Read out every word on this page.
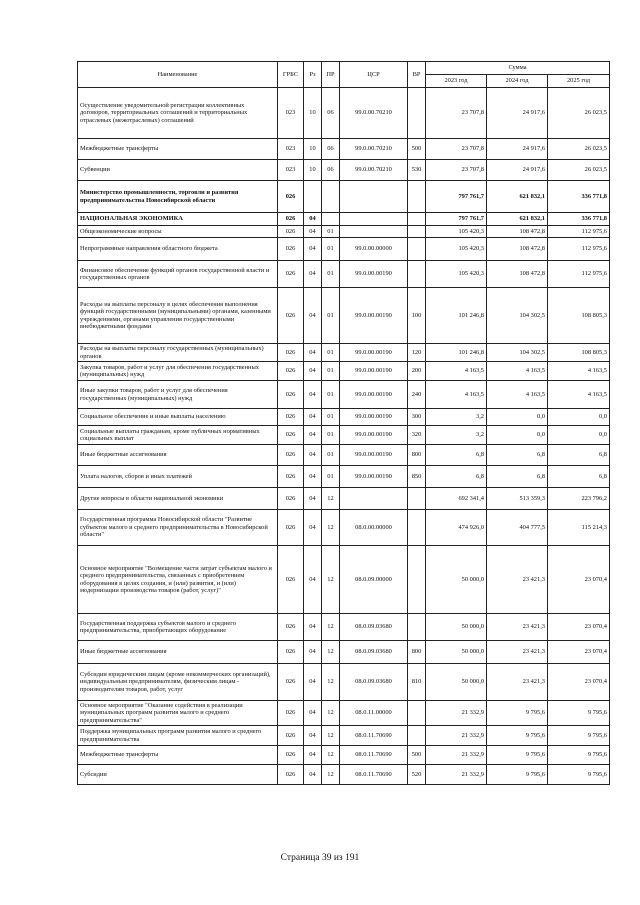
Наименование	ГРБС	Рз	ПР	ЦСР	ВР	Сумма		
						2023 год	2024 год	2025 год
Осуществление уведомительной регистрации коллективных договоров, территориальных соглашений и территориальных отраслевых (межотраслевых) соглашений	023	10	06	99.0.00.70210		23 707,8	24 917,6	26 023,5
Межбюджетные трансферты	023	10	06	99.0.00.70210	500	23 707,8	24 917,6	26 023,5
Субвенции	023	10	06	99.0.00.70210	530	23 707,8	24 917,6	26 023,5
Министерство промышленности, торговли и развития предпринимательства Новосибирской области	026					797 761,7	621 832,1	336 771,8
НАЦИОНАЛЬНАЯ ЭКОНОМИКА	026	04				797 761,7	621 832,1	336 771,8
Общеэкономические вопросы	026	04	01			105 420,3	108 472,8	112 975,6
Непрограммные направления областного бюджета	026	04	01	99.0.00.00000		105 420,3	108 472,8	112 975,6
Финансовое обеспечение функций органов государственной власти и государственных органов	026	04	01	99.0.00.00190		105 420,3	108 472,8	112 975,6
Расходы на выплаты персоналу в целях обеспечения выполнения функций государственными (муниципальными) органами, казенными учреждениями, органами управления государственными внебюджетными фондами	026	04	01	99.0.00.00190	100	101 246,8	104 302,5	108 805,3
Расходы на выплаты персоналу государственных (муниципальных) органов	026	04	01	99.0.00.00190	120	101 246,8	104 302,5	108 805,3
Закупка товаров, работ и услуг для обеспечения государственных (муниципальных) нужд	026	04	01	99.0.00.00190	200	4 163,5	4 163,5	4 163,5
Иные закупки товаров, работ и услуг для обеспечения государственных (муниципальных) нужд	026	04	01	99.0.00.00190	240	4 163,5	4 163,5	4 163,5
Социальное обеспечение и иные выплаты населению	026	04	01	99.0.00.00190	300	3,2	0,0	0,0
Социальные выплаты гражданам, кроме публичных нормативных социальных выплат	026	04	01	99.0.00.00190	320	3,2	0,0	0,0
Иные бюджетные ассигнования	026	04	01	99.0.00.00190	800	6,8	6,8	6,8
Уплата налогов, сборов и иных платежей	026	04	01	99.0.00.00190	850	6,8	6,8	6,8
Другие вопросы в области национальной экономики	026	04	12			692 341,4	513 359,3	223 796,2
Государственная программа Новосибирской области "Развитие субъектов малого и среднего предпринимательства в Новосибирской области"	026	04	12	08.0.00.00000		474 926,0	404 777,5	115 214,3
Основное мероприятие "Возмещение части затрат субъектам малого и среднего предпринимательства, связанных с приобретением оборудования в целях создания, и (или) развития, и (или) модернизации производства товаров (работ, услуг)"	026	04	12	08.0.09.00000		50 000,0	23 421,3	23 070,4
Государственная поддержка субъектов малого и среднего предпринимательства, приобретающих оборудование	026	04	12	08.0.09.03680		50 000,0	23 421,3	23 070,4
Иные бюджетные ассигнования	026	04	12	08.0.09.03680	800	50 000,0	23 421,3	23 070,4
Субсидии юридическим лицам (кроме некоммерческих организаций), индивидуальным предпринимателям, физическим лицам - производителям товаров, работ, услуг	026	04	12	08.0.09.03680	810	50 000,0	23 421,3	23 070,4
Основное мероприятие "Оказание содействия в реализации муниципальных программ развития малого и среднего предпринимательства"	026	04	12	08.0.11.00000		21 332,9	9 795,6	9 795,6
Поддержка муниципальных программ развития малого и среднего предпринимательства	026	04	12	08.0.11.70690		21 332,9	9 795,6	9 795,6
Межбюджетные трансферты	026	04	12	08.0.11.70690	500	21 332,9	9 795,6	9 795,6
Субсидии	026	04	12	08.0.11.70690	520	21 332,9	9 795,6	9 795,6
Страница 39 из 191
